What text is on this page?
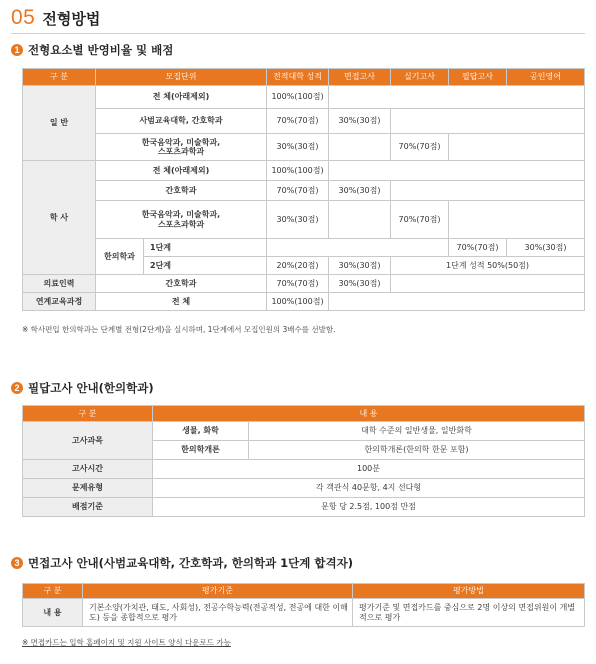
05 전형방법
1 전형요소별 반영비율 및 배점
구 분	모집단위		전적대학 성적	면접고사	실기고사	필답고사	공인영어	
일 반	전 체(아래제외)		100%(100점)		
	사범교육대학, 간호학과		70%(70점)	30%(30점)				
	한국음악과, 미술학과,
스포츠과학과		30%(30점)		70%(70점)			
학 사	전 체(아래제외)		100%(100점)					
	간호학과		70%(70점)	30%(30점)				
	한국음악과, 미술학과,
스포츠과학과		30%(30점)		70%(70점)			
	한의학과	1단계				70%(70점)	30%(30점)	
		2단계	20%(20점)	30%(30점)	1단계 성적 50%(50점)			
의료인력	간호학과		70%(70점)	30%(30점)		
연계교육과정	전 체		100%(100점)					
※ 학사편입 한의학과는 단계별 전형(2단계)을 실시하며, 1단계에서 모집인원의 3배수를 선발함.
2 필답고사 안내(한의학과)
구 분	내 용	
고사과목	생물, 화학	대학 수준의 일반생물, 일반화학
	한의학개론	한의학개론(한의학 한문 포함)
고사시간	100분	
문제유형	각 객관식 40문항, 4지 선다형	
배점기준	문항 당 2.5점, 100점 만점	
3 면접고사 안내(사범교육대학, 간호학과, 한의학과 1단계 합격자)
구 분	평가기준	평가방법
내 용	기본소양(가치관, 태도, 사회성), 전공수학능력(전공적성, 전공에 대한 이해도) 등을 종합적으로 평가	평가기준 및 면접카드를 중심으로 2명 이상의 면접위원이 개별적으로 평가
※ 면접카드는 입학 홈페이지 및 지원 사이트 양식 다운로드 가능
